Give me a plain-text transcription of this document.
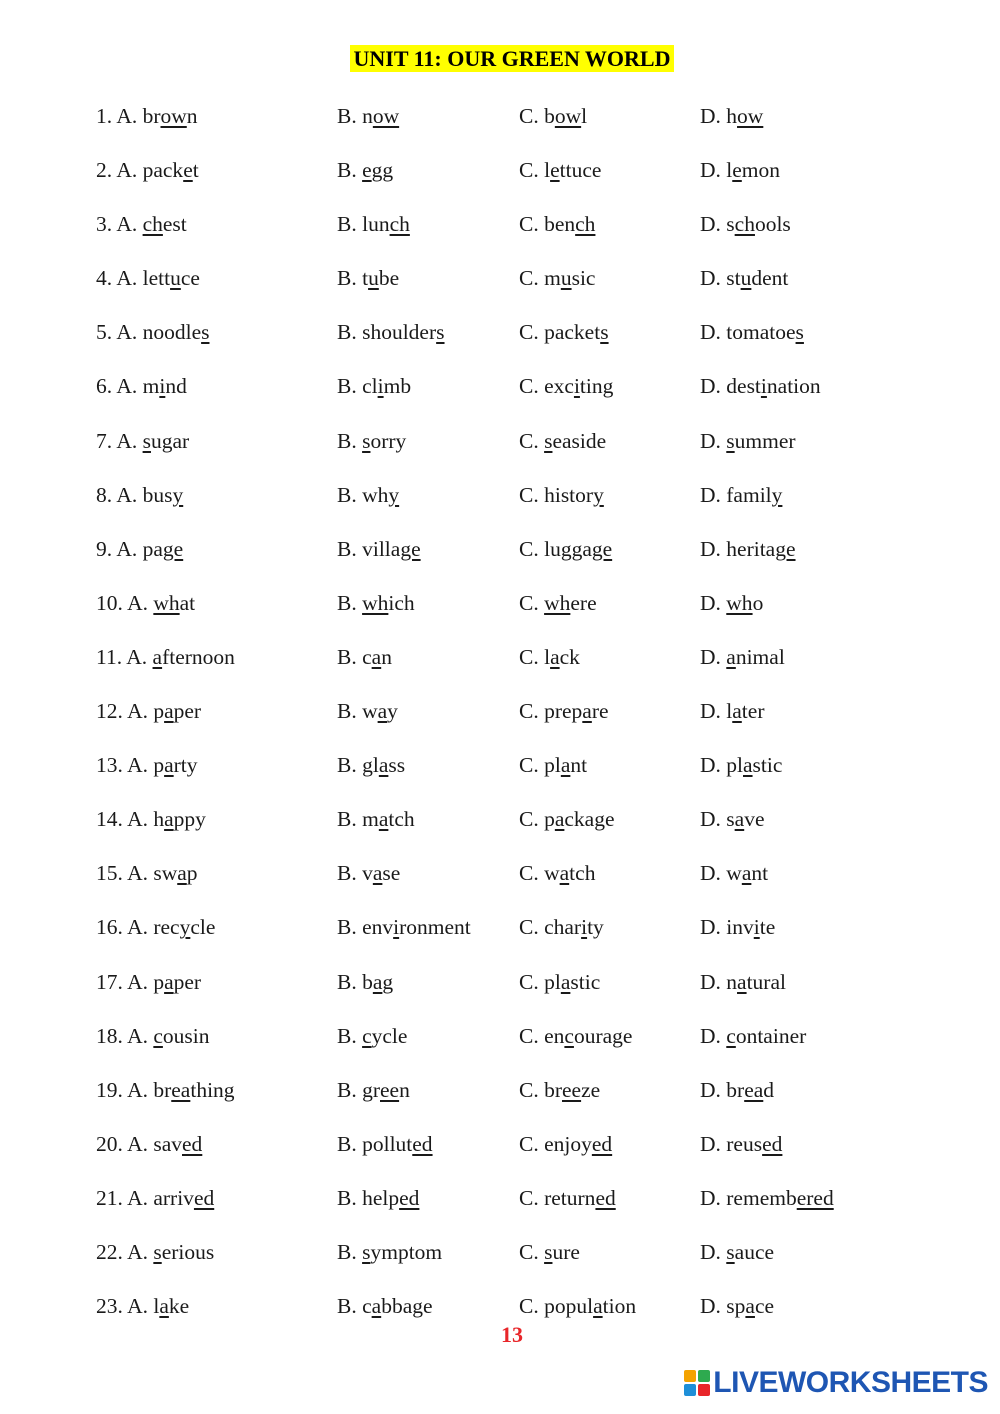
UNIT 11: OUR GREEN WORLD
1. A. brown	B. now	C. bowl	D. how
2. A. packet	B. egg	C. lettuce	D. lemon
3. A. chest	B. lunch	C. bench	D. schools
4. A. lettuce	B. tube	C. music	D. student
5. A. noodles	B. shoulders	C. packets	D. tomatoes
6. A. mind	B. climb	C. exciting	D. destination
7. A. sugar	B. sorry	C. seaside	D. summer
8. A. busy	B. why	C. history	D. family
9. A. page	B. village	C. luggage	D. heritage
10. A. what	B. which	C. where	D. who
11. A. afternoon	B. can	C. lack	D. animal
12. A. paper	B. way	C. prepare	D. later
13. A. party	B. glass	C. plant	D. plastic
14. A. happy	B. match	C. package	D. save
15. A. swap	B. vase	C. watch	D. want
16. A. recycle	B. environment C. charity	D. invite
17. A. paper	B. bag	C. plastic	D. natural
18. A. cousin	B. cycle	C. encourage	D. container
19. A. breathing	B. green	C. breeze	D. bread
20. A. saved	B. polluted	C. enjoyed	D. reused
21. A. arrived	B. helped	C. returned	D. remembered
22. A. serious	B. symptom	C. sure	D. sauce
23. A. lake	B. cabbage	C. population	D. space
13
LIVEWORKSHEETS
